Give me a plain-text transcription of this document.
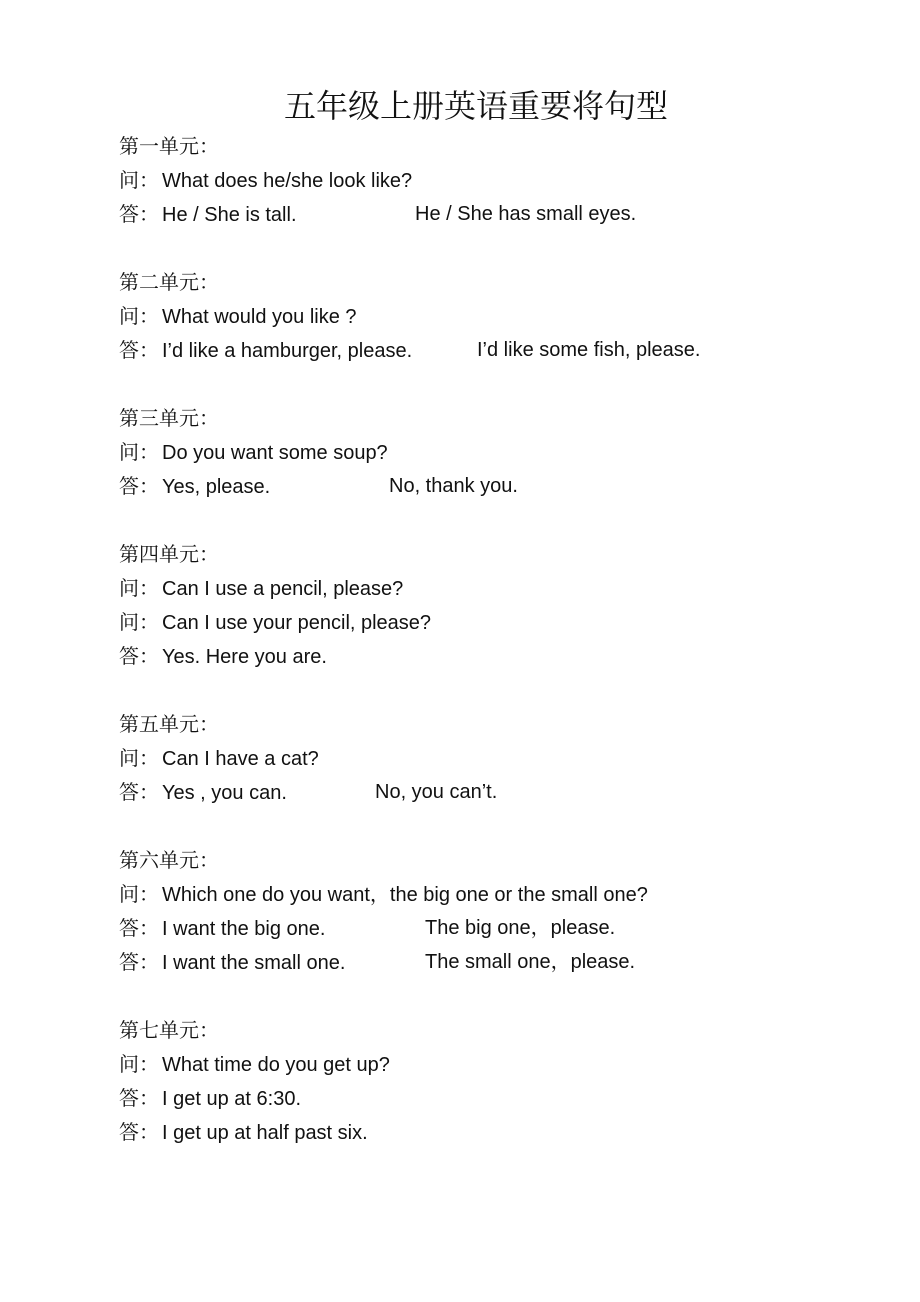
五年级上册英语重要将句型
第一单元：
问： What does he/she look like?
答： He / She is tall.	He / She has small eyes.
第二单元：
问： What would you like ?
答： I’d like a hamburger, please.	I’d like some fish, please.
第三单元：
问： Do you want some soup?
答： Yes, please.	No, thank you.
第四单元：
问： Can I use a pencil, please?
问： Can I use your pencil, please?
答： Yes. Here you are.
第五单元：
问： Can I have a cat?
答： Yes , you can.	No, you can’t.
第六单元：
问： Which one do you want，the big one or the small one?
答： I want the big one.	The big one，please.
答： I want the small one.	The small one，please.
第七单元：
问： What time do you get up?
答： I get up at 6:30.
答： I get up at half past six.
